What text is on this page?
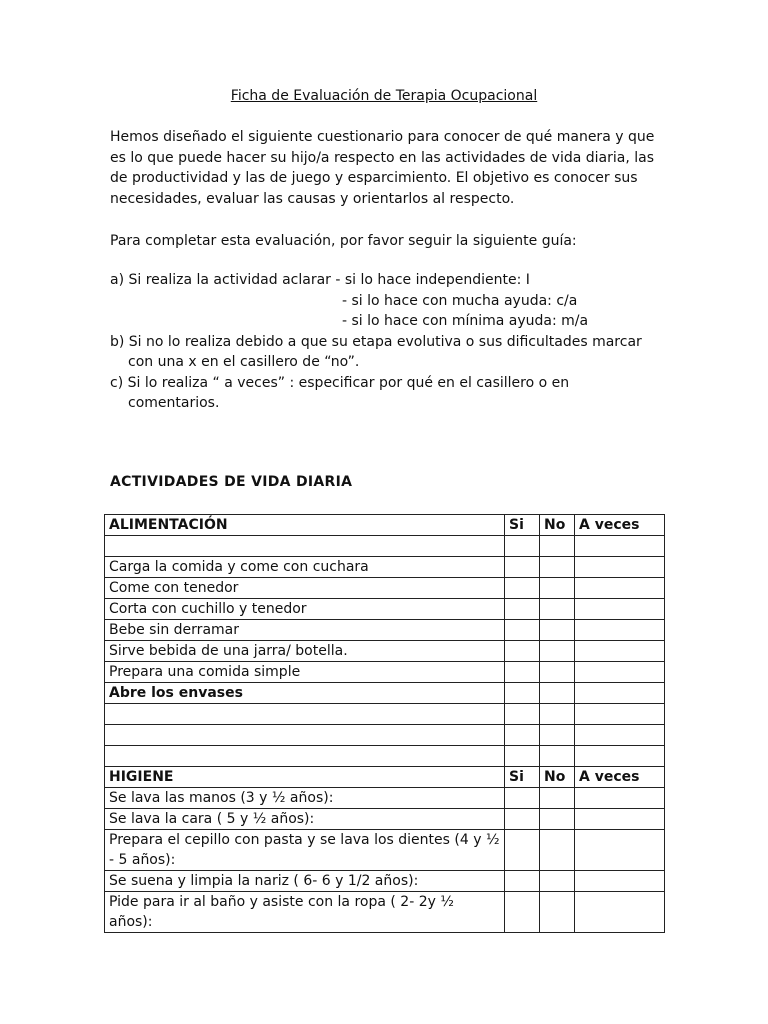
Ficha de Evaluación de Terapia Ocupacional

Hemos diseñado el siguiente cuestionario para conocer de qué manera y que es lo que puede hacer su hijo/a respecto en las actividades de vida diaria, las de productividad y las de juego y esparcimiento. El objetivo es conocer sus necesidades, evaluar las causas y orientarlos al respecto.

Para completar esta evaluación, por favor seguir la siguiente guía:

a) Si realiza la actividad aclarar - si lo hace independiente: I
- si lo hace con mucha ayuda: c/a
- si lo hace con mínima ayuda: m/a
b) Si no lo realiza debido a que su etapa evolutiva o sus dificultades marcar
con una x en el casillero de “no”.
c) Si lo realiza “ a veces” : especificar por qué en el casillero o en
comentarios.
ACTIVIDADES DE VIDA DIARIA
ALIMENTACIÓN	Si	No	A veces

Carga la comida y come con cuchara			
Come con tenedor			
Corta con cuchillo y tenedor			
Bebe sin derramar			
Sirve bebida de una jarra/ botella.			
Prepara una comida simple			
Abre los envases			

HIGIENE	Si	No	A veces
Se lava las manos (3 y ½ años):			
Se lava la cara ( 5 y ½ años):			
Prepara el cepillo con pasta y se lava los dientes (4 y ½ - 5 años):			
Se suena y limpia la nariz ( 6- 6 y 1/2 años):			
Pide para ir al baño y asiste con la ropa ( 2- 2y ½ años):			
